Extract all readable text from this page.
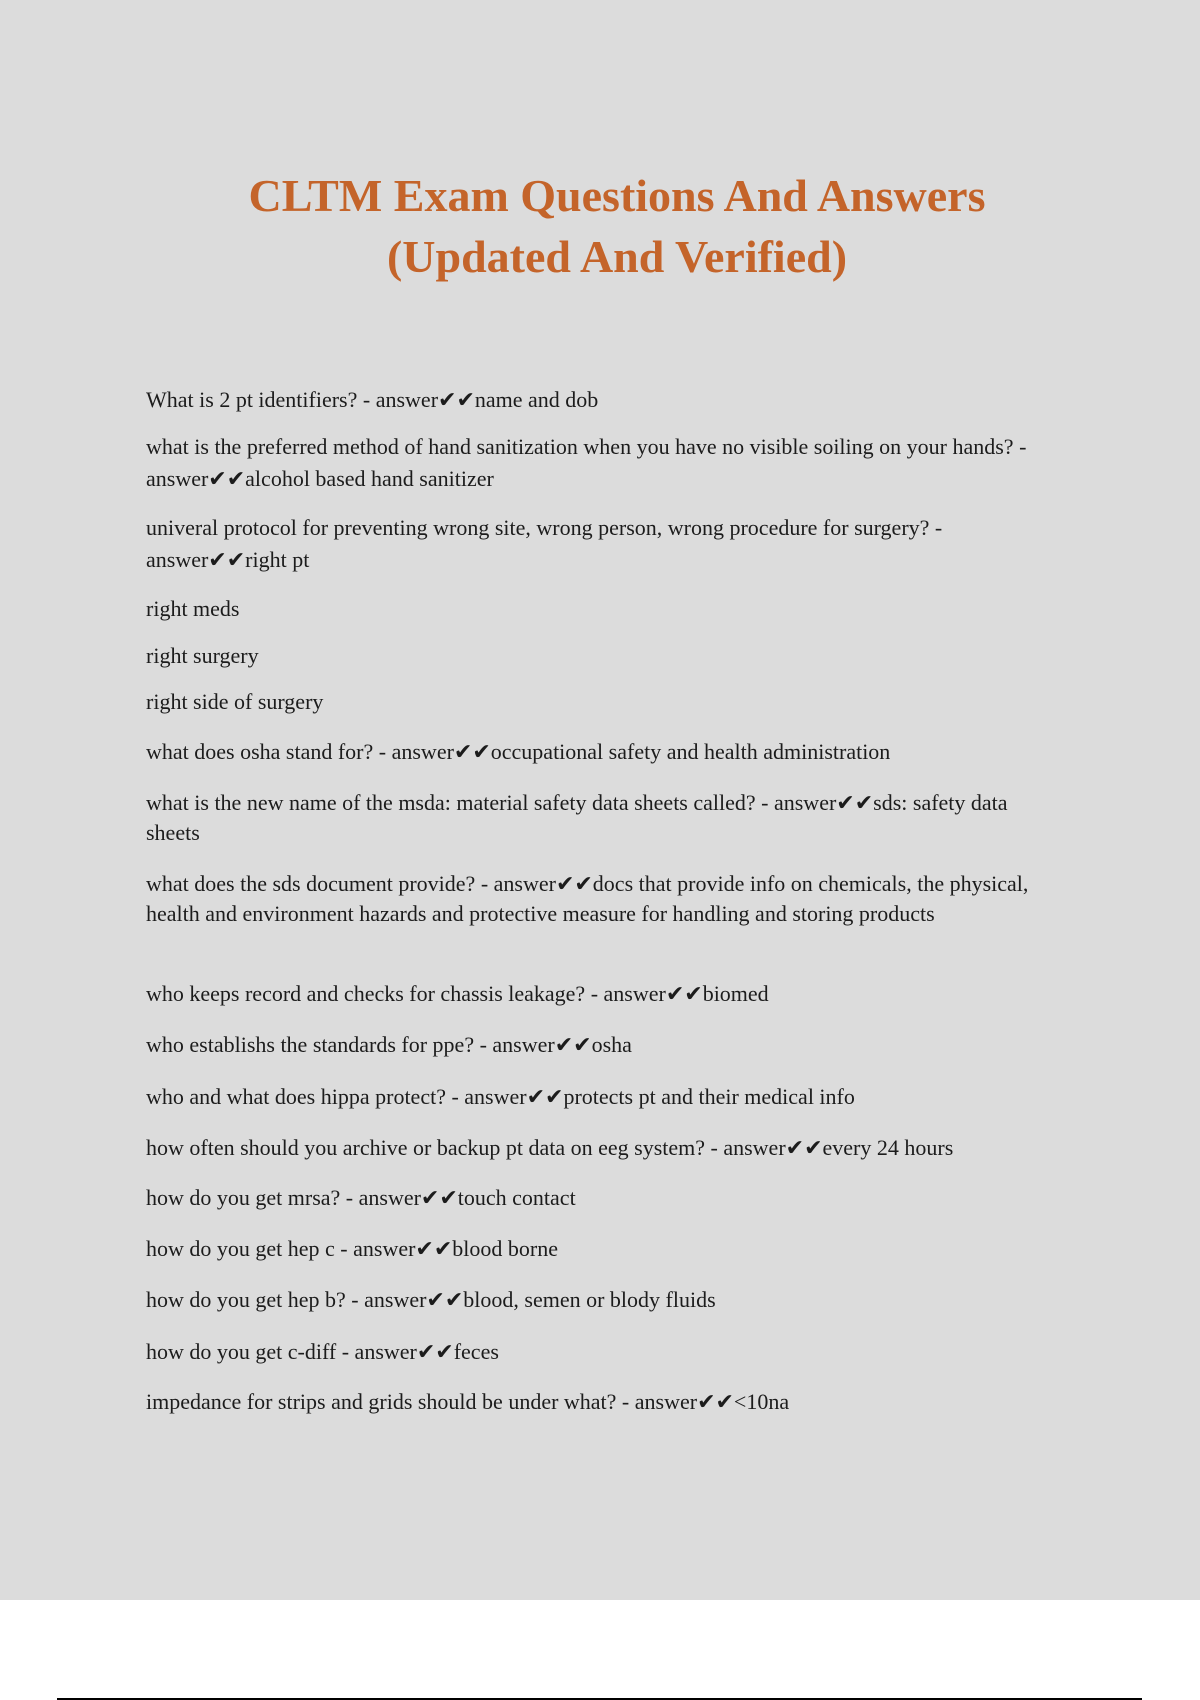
CLTM Exam Questions And Answers
(Updated And Verified)

What is 2 pt identifiers? - answer✔✔name and dob

what is the preferred method of hand sanitization when you have no visible soiling on your hands? - answer✔✔alcohol based hand sanitizer

univeral protocol for preventing wrong site, wrong person, wrong procedure for surgery? - answer✔✔right pt

right meds

right surgery

right side of surgery

what does osha stand for? - answer✔✔occupational safety and health administration

what is the new name of the msda: material safety data sheets called? - answer✔✔sds: safety data sheets

what does the sds document provide? - answer✔✔docs that provide info on chemicals, the physical, health and environment hazards and protective measure for handling and storing products

who keeps record and checks for chassis leakage? - answer✔✔biomed

who establishs the standards for ppe? - answer✔✔osha

who and what does hippa protect? - answer✔✔protects pt and their medical info

how often should you archive or backup pt data on eeg system? - answer✔✔every 24 hours

how do you get mrsa? - answer✔✔touch contact

how do you get hep c - answer✔✔blood borne

how do you get hep b? - answer✔✔blood, semen or blody fluids

how do you get c-diff - answer✔✔feces

impedance for strips and grids should be under what? - answer✔✔<10na
